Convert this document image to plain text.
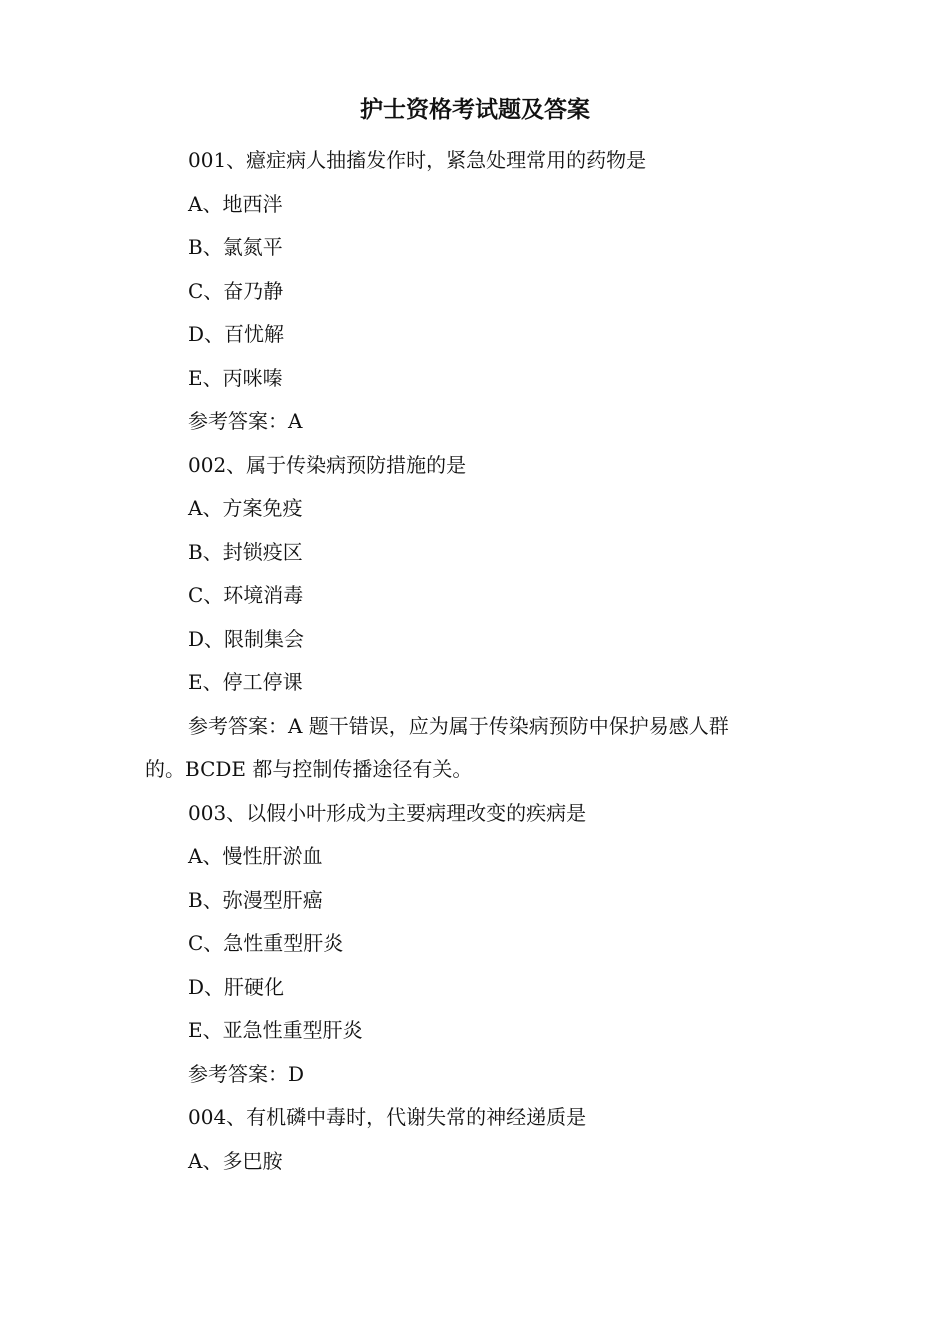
护士资格考试题及答案

001、癔症病人抽搐发作时，紧急处理常用的药物是

A、地西泮

B、氯氮平

C、奋乃静

D、百忧解

E、丙咪嗪

参考答案：A

002、属于传染病预防措施的是

A、方案免疫

B、封锁疫区

C、环境消毒

D、限制集会

E、停工停课

参考答案：A 题干错误，应为属于传染病预防中保护易感人群

的。BCDE 都与控制传播途径有关。

003、以假小叶形成为主要病理改变的疾病是

A、慢性肝淤血

B、弥漫型肝癌

C、急性重型肝炎

D、肝硬化

E、亚急性重型肝炎

参考答案：D

004、有机磷中毒时，代谢失常的神经递质是

A、多巴胺
